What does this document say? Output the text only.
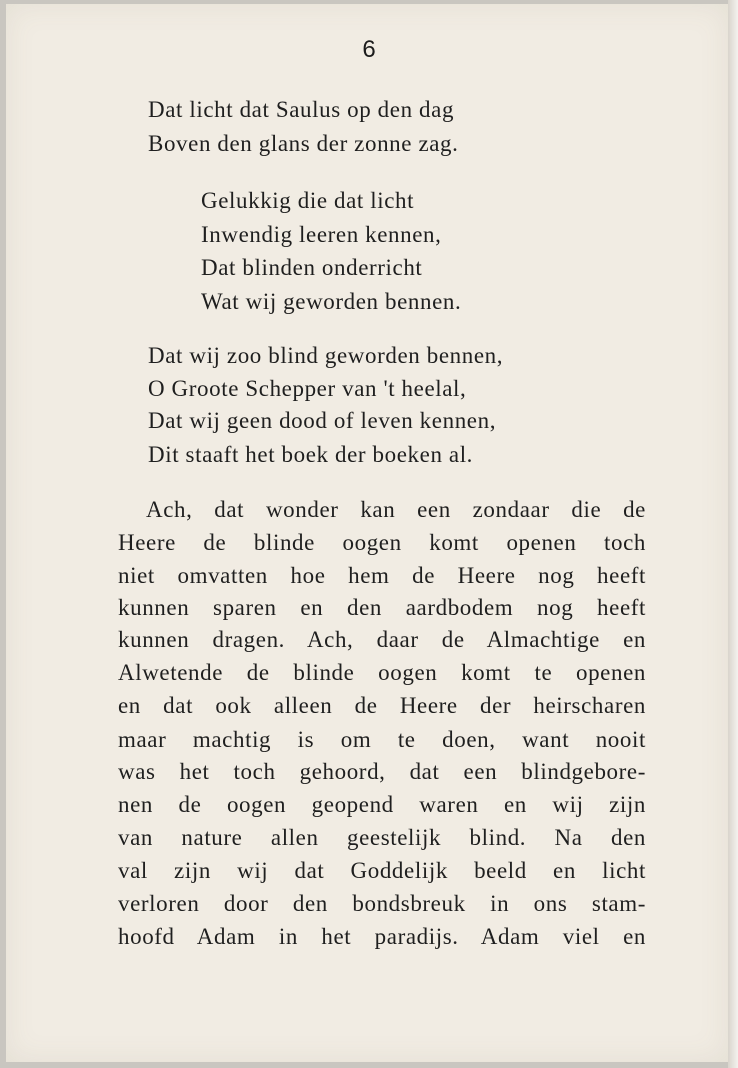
6
Dat licht dat Saulus op den dag
Boven den glans der zonne zag.
Gelukkig die dat licht
Inwendig leeren kennen,
Dat blinden onderricht
Wat wij geworden bennen.
Dat wij zoo blind geworden bennen,
O Groote Schepper van 't heelal,
Dat wij geen dood of leven kennen,
Dit staaft het boek der boeken al.
Ach, dat wonder kan een zondaar die de
Heere de blinde oogen komt openen toch
niet omvatten hoe hem de Heere nog heeft
kunnen sparen en den aardbodem nog heeft
kunnen dragen. Ach, daar de Almachtige en
Alwetende de blinde oogen komt te openen
en dat ook alleen de Heere der heirscharen
maar machtig is om te doen, want nooit
was het toch gehoord, dat een blindgebore-
nen de oogen geopend waren en wij zijn
van nature allen geestelijk blind. Na den
val zijn wij dat Goddelijk beeld en licht
verloren door den bondsbreuk in ons stam-
hoofd Adam in het paradijs. Adam viel en
